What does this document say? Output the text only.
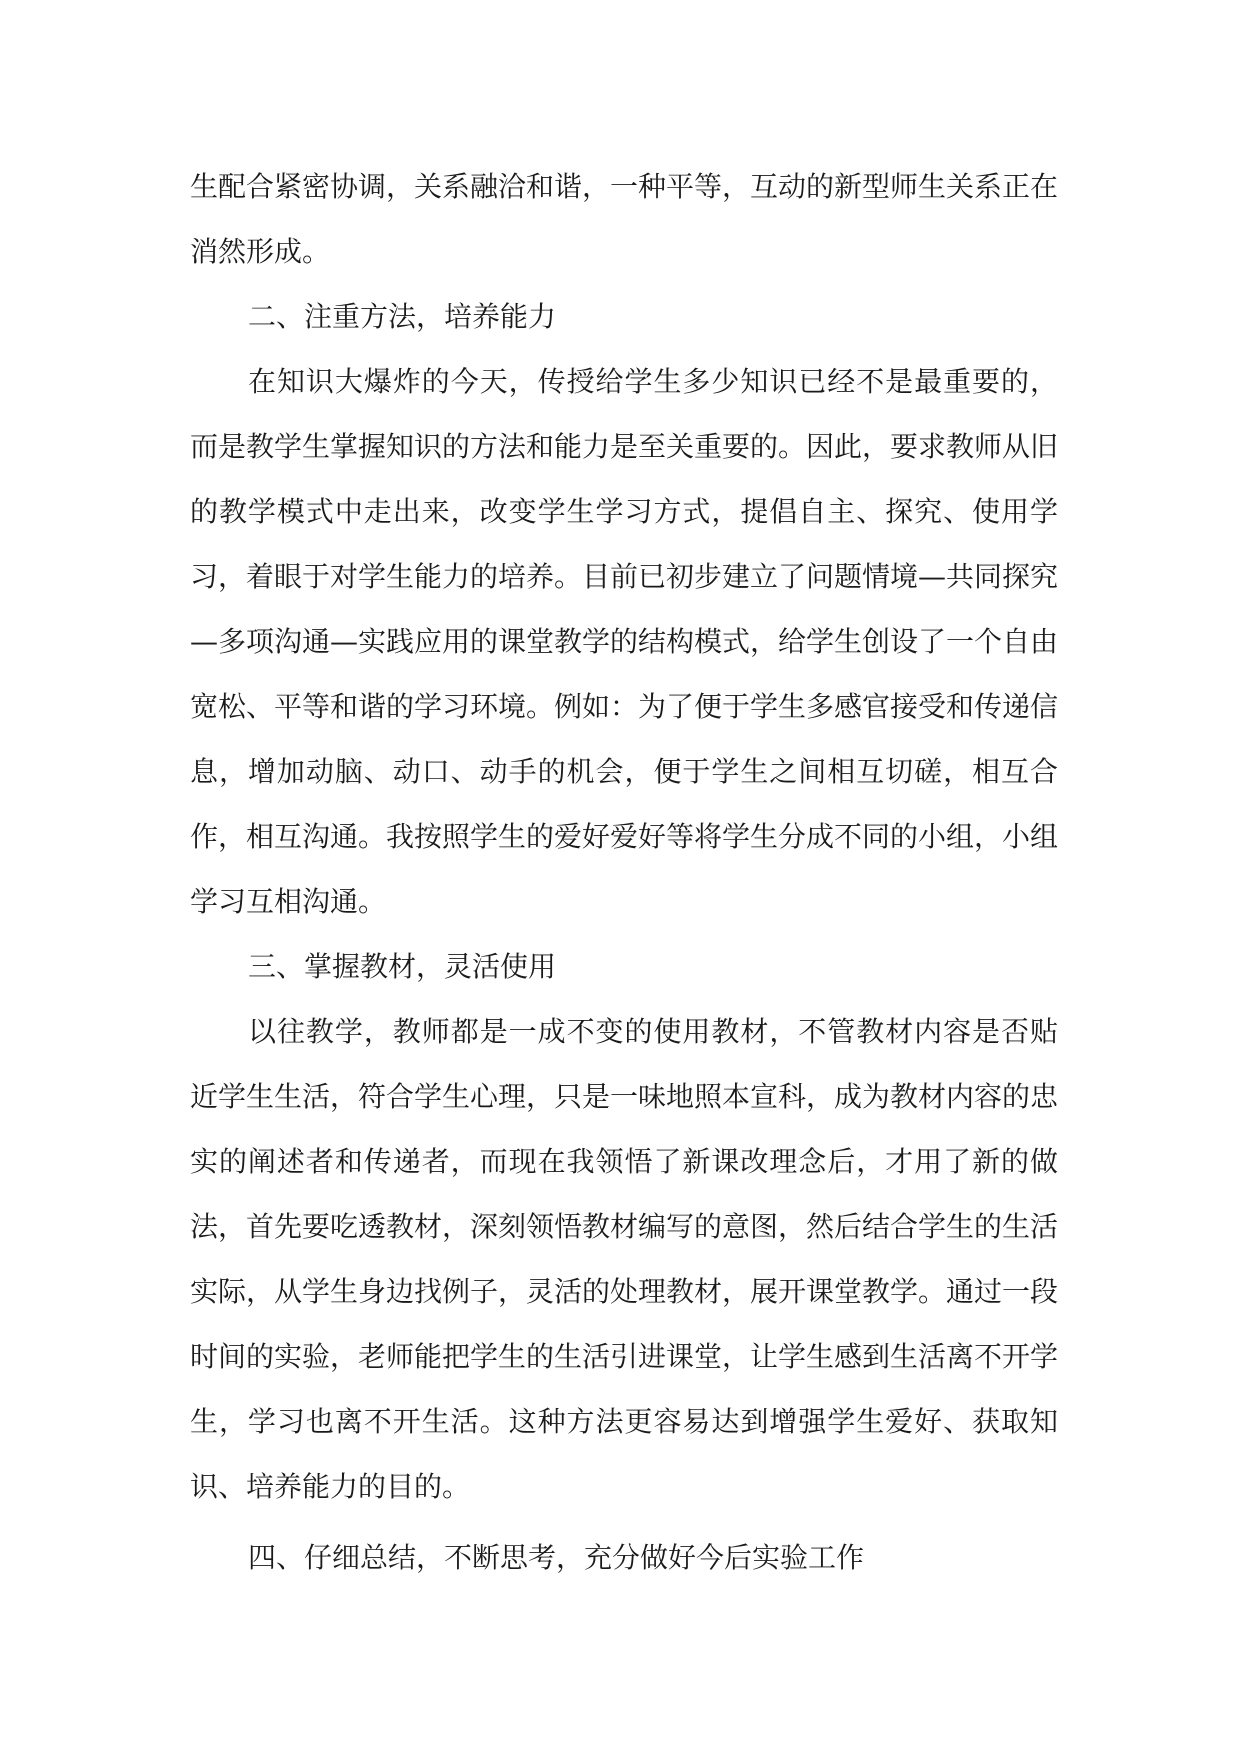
生配合紧密协调，关系融洽和谐，一种平等，互动的新型师生关系正在消然形成。

二、注重方法，培养能力

在知识大爆炸的今天，传授给学生多少知识已经不是最重要的，而是教学生掌握知识的方法和能力是至关重要的。因此，要求教师从旧的教学模式中走出来，改变学生学习方式，提倡自主、探究、使用学习，着眼于对学生能力的培养。目前已初步建立了问题情境—共同探究—多项沟通—实践应用的课堂教学的结构模式，给学生创设了一个自由宽松、平等和谐的学习环境。例如：为了便于学生多感官接受和传递信息，增加动脑、动口、动手的机会，便于学生之间相互切磋，相互合作，相互沟通。我按照学生的爱好爱好等将学生分成不同的小组，小组学习互相沟通。

三、掌握教材，灵活使用

以往教学，教师都是一成不变的使用教材，不管教材内容是否贴近学生生活，符合学生心理，只是一味地照本宣科，成为教材内容的忠实的阐述者和传递者，而现在我领悟了新课改理念后，才用了新的做法，首先要吃透教材，深刻领悟教材编写的意图，然后结合学生的生活实际，从学生身边找例子，灵活的处理教材，展开课堂教学。通过一段时间的实验，老师能把学生的生活引进课堂，让学生感到生活离不开学生，学习也离不开生活。这种方法更容易达到增强学生爱好、获取知识、培养能力的目的。

四、仔细总结，不断思考，充分做好今后实验工作
